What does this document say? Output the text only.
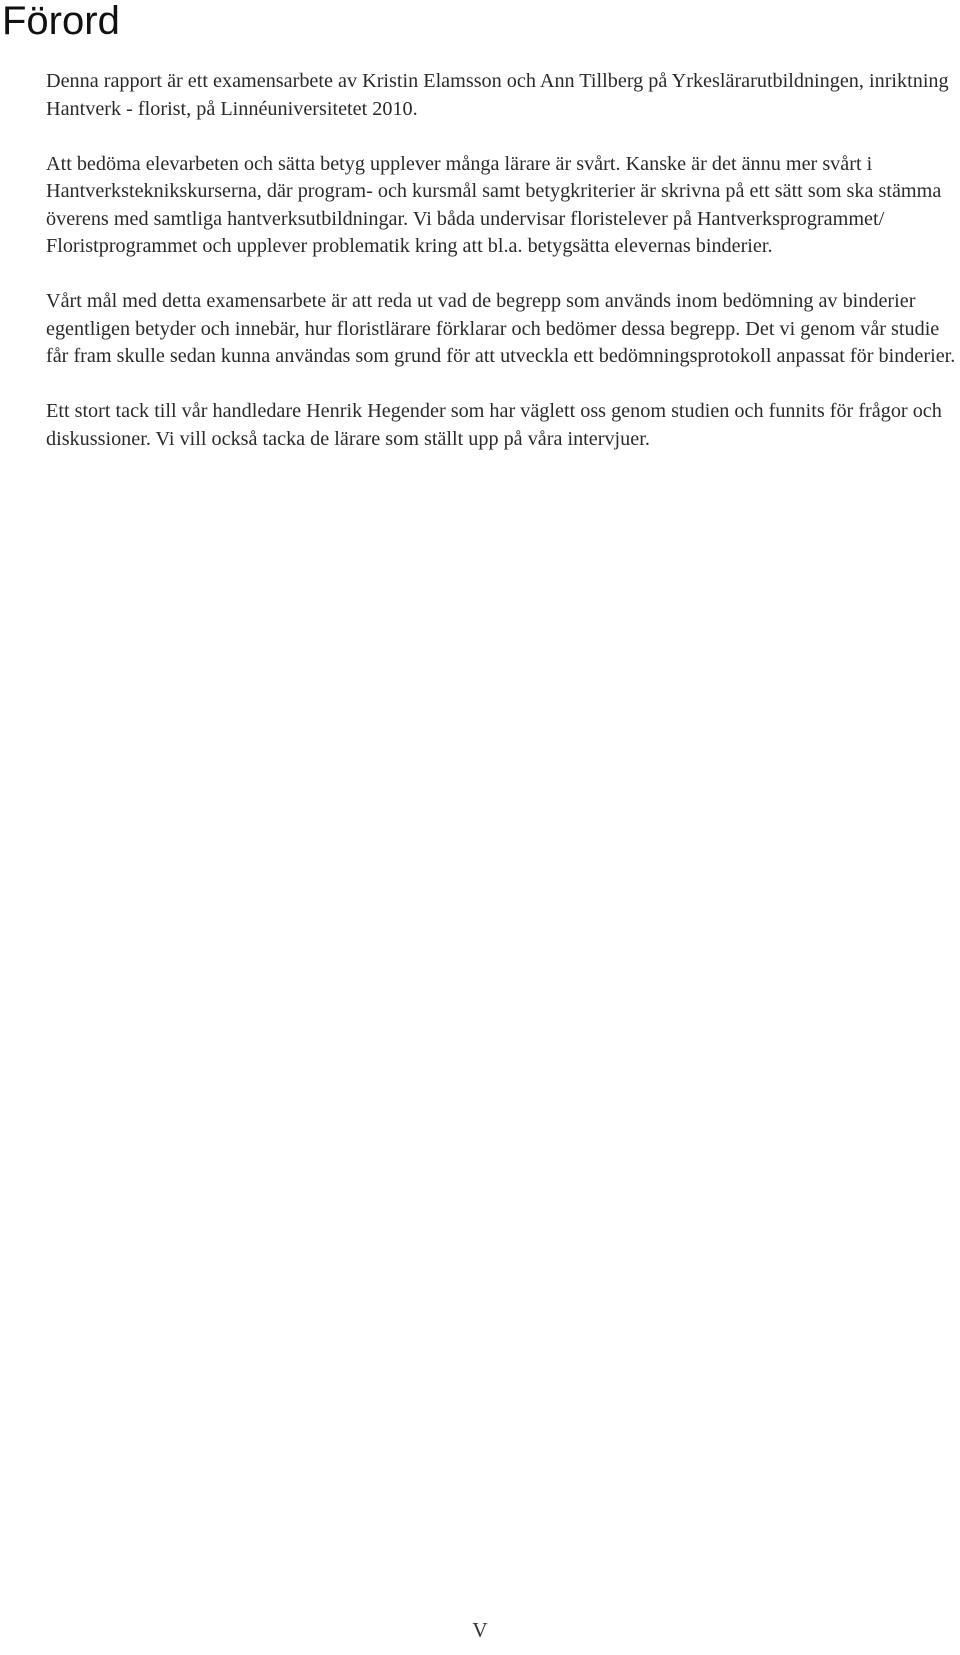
Förord

Denna rapport är ett examensarbete av Kristin Elamsson och Ann Tillberg på Yrkeslärarutbildningen, inriktning Hantverk - florist, på Linnéuniversitetet 2010.

Att bedöma elevarbeten och sätta betyg upplever många lärare är svårt. Kanske är det ännu mer svårt i Hantverksteknikskurserna, där program- och kursmål samt betygkriterier är skrivna på ett sätt som ska stämma överens med samtliga hantverksutbildningar. Vi båda undervisar floristelever på Hantverksprogrammet/ Floristprogrammet och upplever problematik kring att bl.a. betygsätta elevernas binderier.

Vårt mål med detta examensarbete är att reda ut vad de begrepp som används inom bedömning av binderier egentligen betyder och innebär, hur floristlärare förklarar och bedömer dessa begrepp. Det vi genom vår studie får fram skulle sedan kunna användas som grund för att utveckla ett bedömningsprotokoll anpassat för binderier.

Ett stort tack till vår handledare Henrik Hegender som har väglett oss genom studien och funnits för frågor och diskussioner. Vi vill också tacka de lärare som ställt upp på våra intervjuer.

V
